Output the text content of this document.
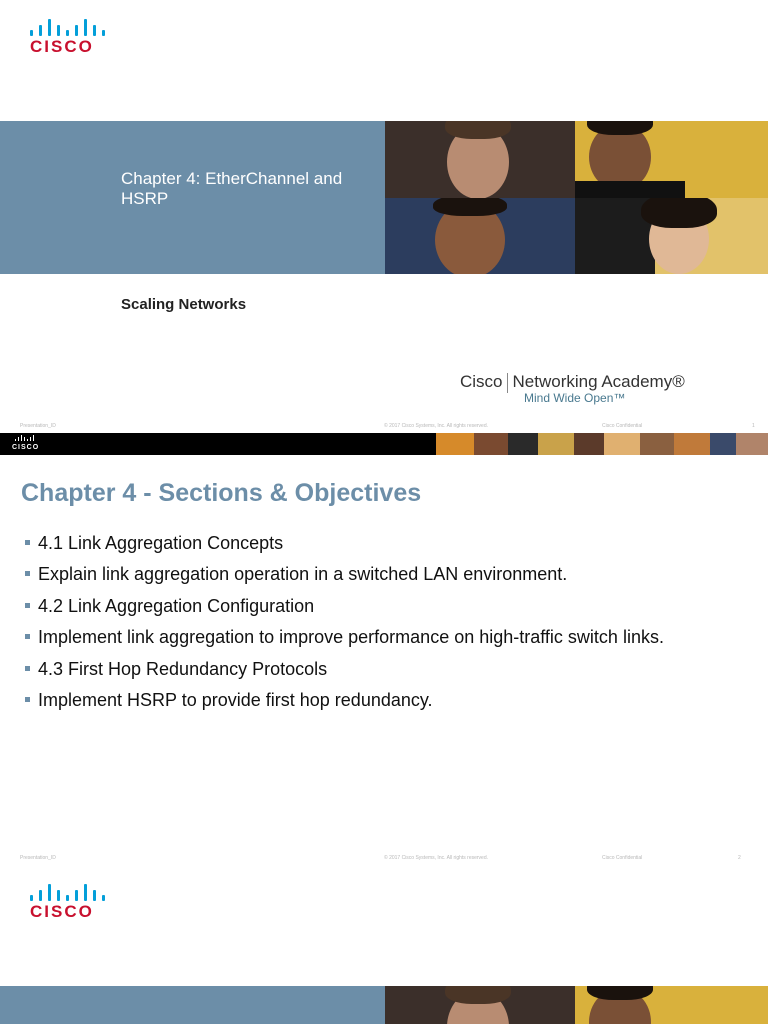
CISCO
Chapter 4: EtherChannel and HSRP
Scaling Networks
Cisco Networking Academy®
Mind Wide Open™
Presentation_ID	© 2017 Cisco Systems, Inc. All rights reserved.	Cisco Confidential	1
CISCO
Chapter 4 - Sections & Objectives
4.1 Link Aggregation Concepts
Explain link aggregation operation in a switched LAN environment.
4.2 Link Aggregation Configuration
Implement link aggregation to improve performance on high-traffic switch links.
4.3 First Hop Redundancy Protocols
Implement HSRP to provide first hop redundancy.
Presentation_ID	© 2017 Cisco Systems, Inc. All rights reserved.	Cisco Confidential	2
CISCO
